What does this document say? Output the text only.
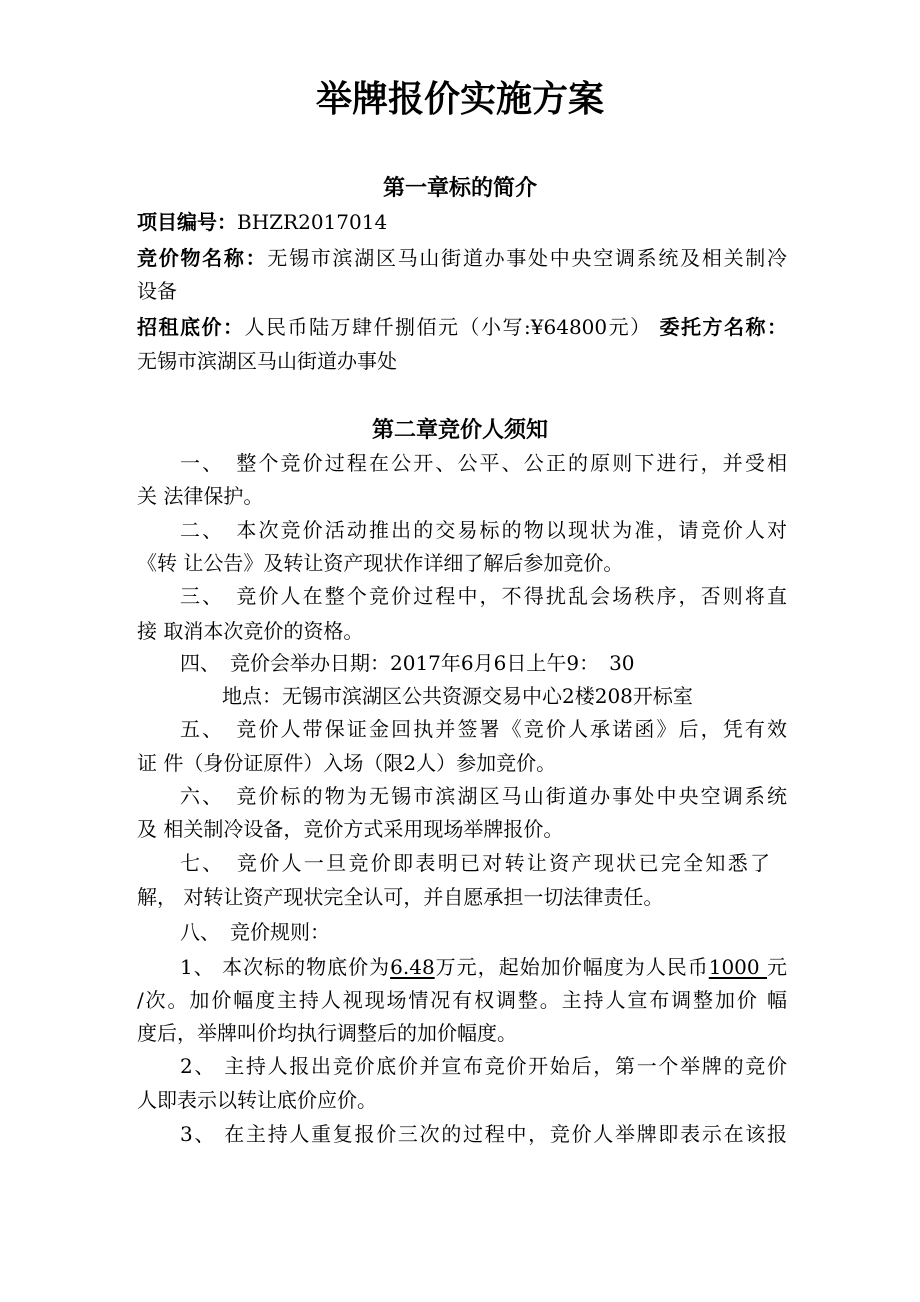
举牌报价实施方案
第一章标的简介
项目编号：BHZR2017014
竞价物名称：无锡市滨湖区马山街道办事处中央空调系统及相关制冷
设备
招租底价：人民币陆万肆仟捌佰元（小写:¥64800元） 委托方名称：
无锡市滨湖区马山街道办事处
第二章竞价人须知
一、　整个竞价过程在公开、公平、公正的原则下进行，并受相
关 法律保护。
二、　本次竞价活动推出的交易标的物以现状为准，请竞价人对
《转 让公告》及转让资产现状作详细了解后参加竞价。
三、　竞价人在整个竞价过程中，不得扰乱会场秩序，否则将直
接 取消本次竞价的资格。
四、　竞价会举办日期：2017年6月6日上午9：　30
地点：无锡市滨湖区公共资源交易中心2楼208开标室
五、　竞价人带保证金回执并签署《竞价人承诺函》后，凭有效
证 件（身份证原件）入场（限2人）参加竞价。
六、　竞价标的物为无锡市滨湖区马山街道办事处中央空调系统
及 相关制冷设备，竞价方式采用现场举牌报价。
七、　竞价人一旦竞价即表明已对转让资产现状已完全知悉了
解， 对转让资产现状完全认可，并自愿承担一切法律责任。
八、　竞价规则：
1、 本次标的物底价为6.48万元，起始加价幅度为人民币1000 元
/次。加价幅度主持人视现场情况有权调整。主持人宣布调整加价 幅
度后，举牌叫价均执行调整后的加价幅度。
2、 主持人报出竞价底价并宣布竞价开始后，第一个举牌的竞价
人即表示以转让底价应价。
3、 在主持人重复报价三次的过程中，竞价人举牌即表示在该报
